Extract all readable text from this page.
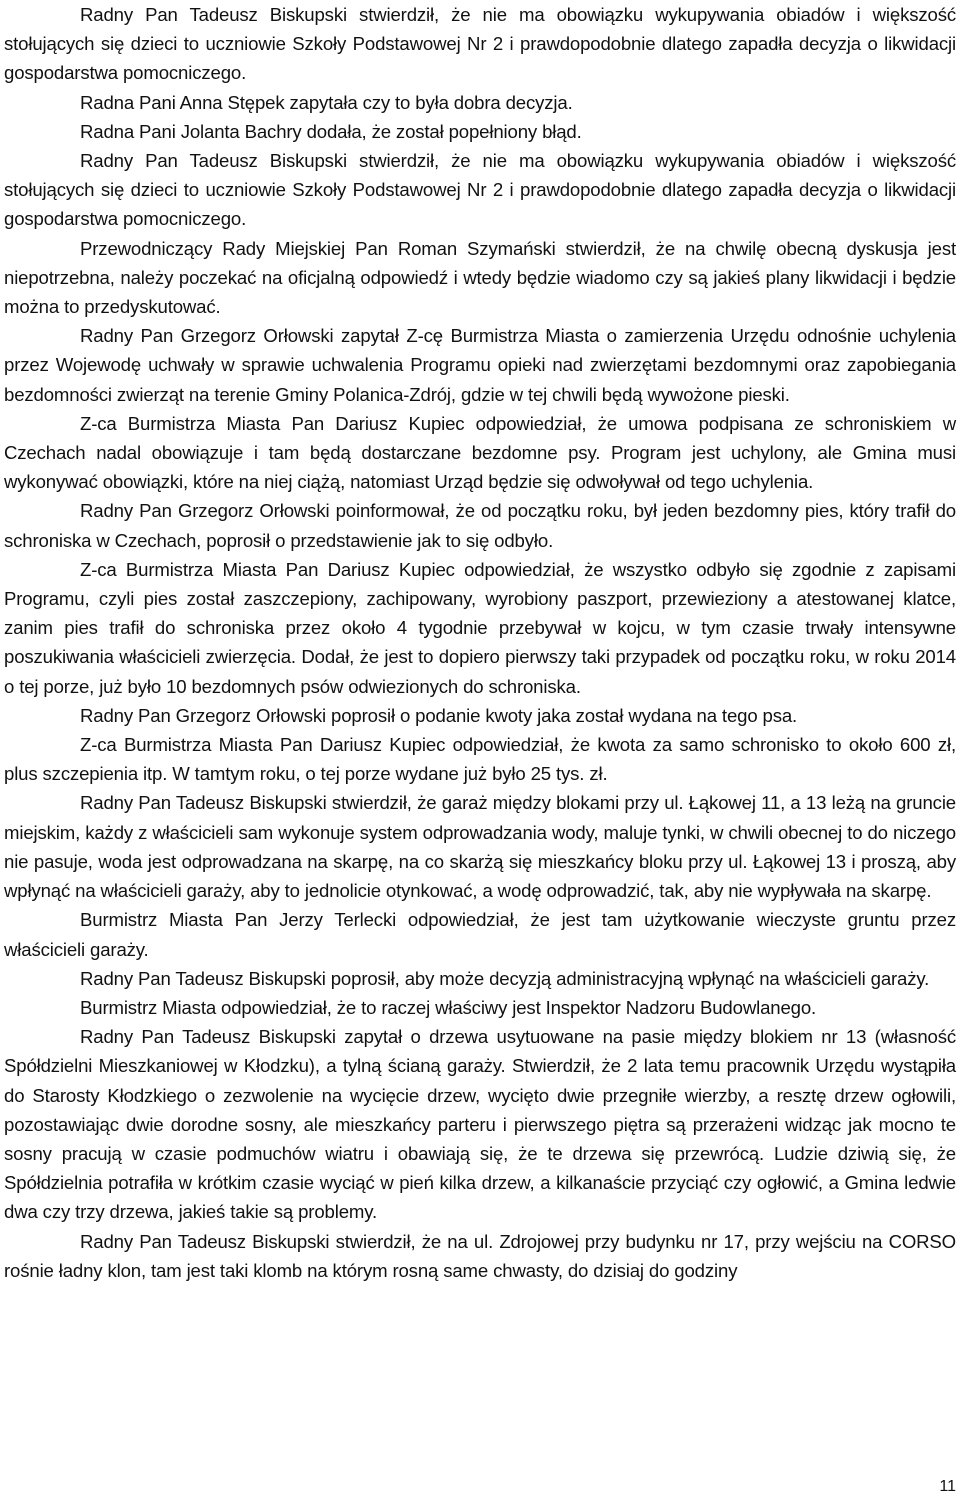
Radny Pan Tadeusz Biskupski stwierdził, że nie ma obowiązku wykupywania obiadów i większość stołujących się dzieci to uczniowie Szkoły Podstawowej Nr 2 i prawdopodobnie dlatego zapadła decyzja o likwidacji gospodarstwa pomocniczego.

Radna Pani Anna Stępek zapytała czy to była dobra decyzja.

Radna Pani Jolanta Bachry dodała, że został popełniony błąd.

Radny Pan Tadeusz Biskupski stwierdził, że nie ma obowiązku wykupywania obiadów i większość stołujących się dzieci to uczniowie Szkoły Podstawowej Nr 2 i prawdopodobnie dlatego zapadła decyzja o likwidacji gospodarstwa pomocniczego.

Przewodniczący Rady Miejskiej Pan Roman Szymański stwierdził, że na chwilę obecną dyskusja jest niepotrzebna, należy poczekać na oficjalną odpowiedź i wtedy będzie wiadomo czy są jakieś plany likwidacji i będzie można to przedyskutować.

Radny Pan Grzegorz Orłowski zapytał Z-cę Burmistrza Miasta o zamierzenia Urzędu odnośnie uchylenia przez Wojewodę uchwały w sprawie uchwalenia Programu opieki nad zwierzętami bezdomnymi oraz zapobiegania bezdomności zwierząt na terenie Gminy Polanica-Zdrój, gdzie w tej chwili będą wywożone pieski.

Z-ca Burmistrza Miasta Pan Dariusz Kupiec odpowiedział, że umowa podpisana ze schroniskiem w Czechach nadal obowiązuje i tam będą dostarczane bezdomne psy. Program jest uchylony, ale Gmina musi wykonywać obowiązki, które na niej ciążą, natomiast Urząd będzie się odwoływał od tego uchylenia.

Radny Pan Grzegorz Orłowski poinformował, że od początku roku, był jeden bezdomny pies, który trafił do schroniska w Czechach, poprosił o przedstawienie jak to się odbyło.

Z-ca Burmistrza Miasta Pan Dariusz Kupiec odpowiedział, że wszystko odbyło się zgodnie z zapisami Programu, czyli pies został zaszczepiony, zachipowany, wyrobiony paszport, przewieziony a atestowanej klatce, zanim pies trafił do schroniska przez około 4 tygodnie przebywał w kojcu, w tym czasie trwały intensywne poszukiwania właścicieli zwierzęcia. Dodał, że jest to dopiero pierwszy taki przypadek od początku roku, w roku 2014 o tej porze, już było 10 bezdomnych psów odwiezionych do schroniska.

Radny Pan Grzegorz Orłowski poprosił o podanie kwoty jaka został wydana na tego psa.

Z-ca Burmistrza Miasta Pan Dariusz Kupiec odpowiedział, że kwota za samo schronisko to około 600 zł, plus szczepienia itp. W tamtym roku, o tej porze wydane już było 25 tys. zł.

Radny Pan Tadeusz Biskupski stwierdził, że garaż między blokami przy ul. Łąkowej 11, a 13 leżą na gruncie miejskim, każdy z właścicieli sam wykonuje system odprowadzania wody, maluje tynki, w chwili obecnej to do niczego nie pasuje, woda jest odprowadzana na skarpę, na co skarżą się mieszkańcy bloku przy ul. Łąkowej 13 i proszą, aby wpłynąć na właścicieli garaży, aby to jednolicie otynkować, a wodę odprowadzić, tak, aby nie wypływała na skarpę.

Burmistrz Miasta Pan Jerzy Terlecki odpowiedział, że jest tam użytkowanie wieczyste gruntu przez właścicieli garaży.

Radny Pan Tadeusz Biskupski poprosił, aby może decyzją administracyjną wpłynąć na właścicieli garaży.

Burmistrz Miasta odpowiedział, że to raczej właściwy jest Inspektor Nadzoru Budowlanego.

Radny Pan Tadeusz Biskupski zapytał o drzewa usytuowane na pasie między blokiem nr 13 (własność Spółdzielni Mieszkaniowej w Kłodzku), a tylną ścianą garaży. Stwierdził, że 2 lata temu pracownik Urzędu wystąpiła do Starosty Kłodzkiego o zezwolenie na wycięcie drzew, wycięto dwie przegniłe wierzby, a resztę drzew ogłowili, pozostawiając dwie dorodne sosny, ale mieszkańcy parteru i pierwszego piętra są przerażeni widząc jak mocno te sosny pracują w czasie podmuchów wiatru i obawiają się, że te drzewa się przewrócą. Ludzie dziwią się, że Spółdzielnia potrafiła w krótkim czasie wyciąć w pień kilka drzew, a kilkanaście przyciąć czy ogłowić, a Gmina ledwie dwa czy trzy drzewa, jakieś takie są problemy.

Radny Pan Tadeusz Biskupski stwierdził, że na ul. Zdrojowej przy budynku nr 17, przy wejściu na CORSO rośnie ładny klon, tam jest taki klomb na którym rosną same chwasty, do dzisiaj do godziny

11
